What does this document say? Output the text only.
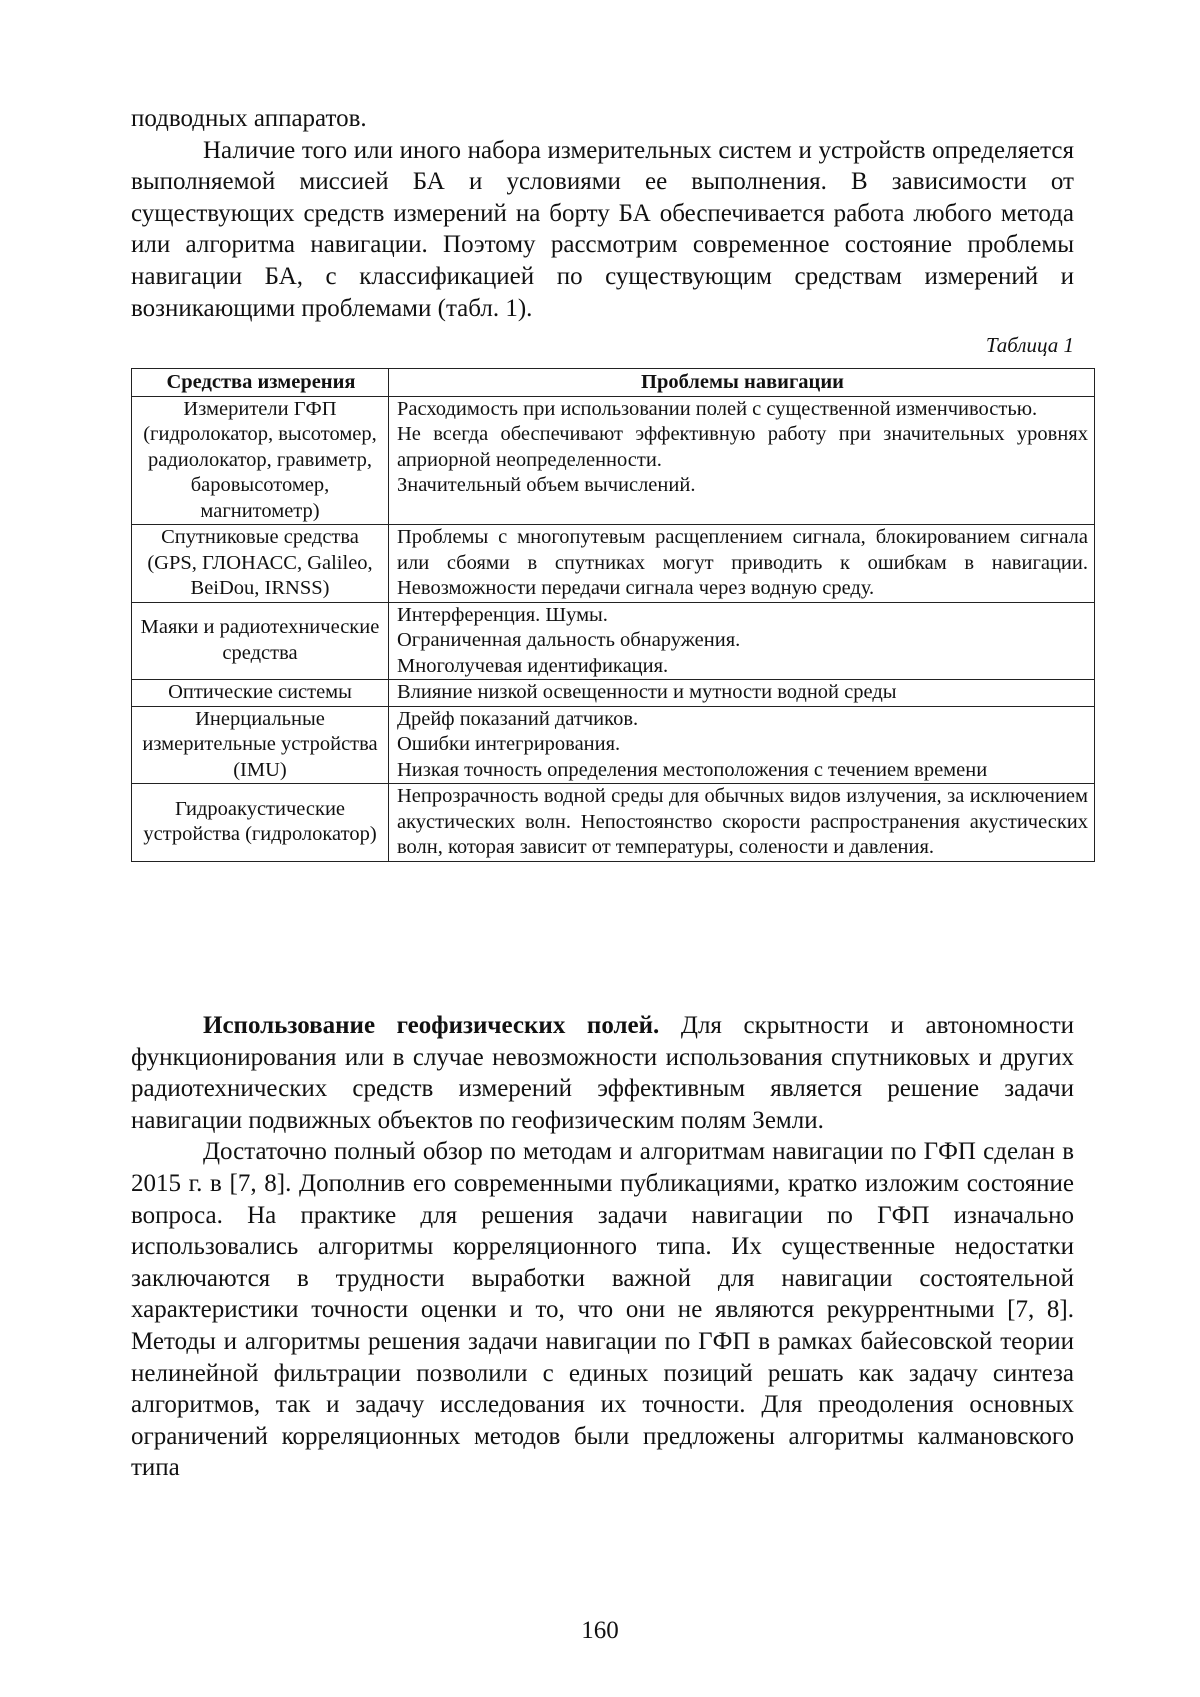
подводных аппаратов.

Наличие того или иного набора измерительных систем и устройств определяется выполняемой миссией БА и условиями ее выполнения. В зависимости от существующих средств измерений на борту БА обеспечивается работа любого метода или алгоритма навигации. Поэтому рассмотрим современное состояние проблемы навигации БА, с классификацией по существующим средствам измерений и возникающими проблемами (табл. 1).

Таблица 1
Средства измерения	Проблемы навигации
Измерители ГФП (гидролокатор, высотомер, радиолокатор, гравиметр, баровысотомер, магнитометр)	Расходимость при использовании полей с существенной изменчивостью.
Не всегда обеспечивают эффективную работу при значительных уровнях априорной неопределенности.
Значительный объем вычислений.

Спутниковые средства (GPS, ГЛОНАСС, Galileo, BeiDou, IRNSS)	Проблемы с многопутевым расщеплением сигнала, блокированием сигнала или сбоями в спутниках могут приводить к ошибкам в навигации. Невозможности передачи сигнала через водную среду.

Маяки и радиотехнические средства	Интерференция. Шумы.
Ограниченная дальность обнаружения.
Многолучевая идентификация.

Оптические системы	Влияние низкой освещенности и мутности водной среды

Инерциальные измерительные устройства (IMU)	Дрейф показаний датчиков.
Ошибки интегрирования.
Низкая точность определения местоположения с течением времени

Гидроакустические устройства (гидролокатор)	Непрозрачность водной среды для обычных видов излучения, за исключением акустических волн. Непостоянство скорости распространения акустических волн, которая зависит от температуры, солености и давления.

Использование геофизических полей. Для скрытности и автономности функционирования или в случае невозможности использования спутниковых и других радиотехнических средств измерений эффективным является решение задачи навигации подвижных объектов по геофизическим полям Земли.

Достаточно полный обзор по методам и алгоритмам навигации по ГФП сделан в 2015 г. в [7, 8]. Дополнив его современными публикациями, кратко изложим состояние вопроса. На практике для решения задачи навигации по ГФП изначально использовались алгоритмы корреляционного типа. Их существенные недостатки заключаются в трудности выработки важной для навигации состоятельной характеристики точности оценки и то, что они не являются рекуррентными [7, 8]. Методы и алгоритмы решения задачи навигации по ГФП в рамках байесовской теории нелинейной фильтрации позволили с единых позиций решать как задачу синтеза алгоритмов, так и задачу исследования их точности. Для преодоления основных ограничений корреляционных методов были предложены алгоритмы калмановского типа

160
